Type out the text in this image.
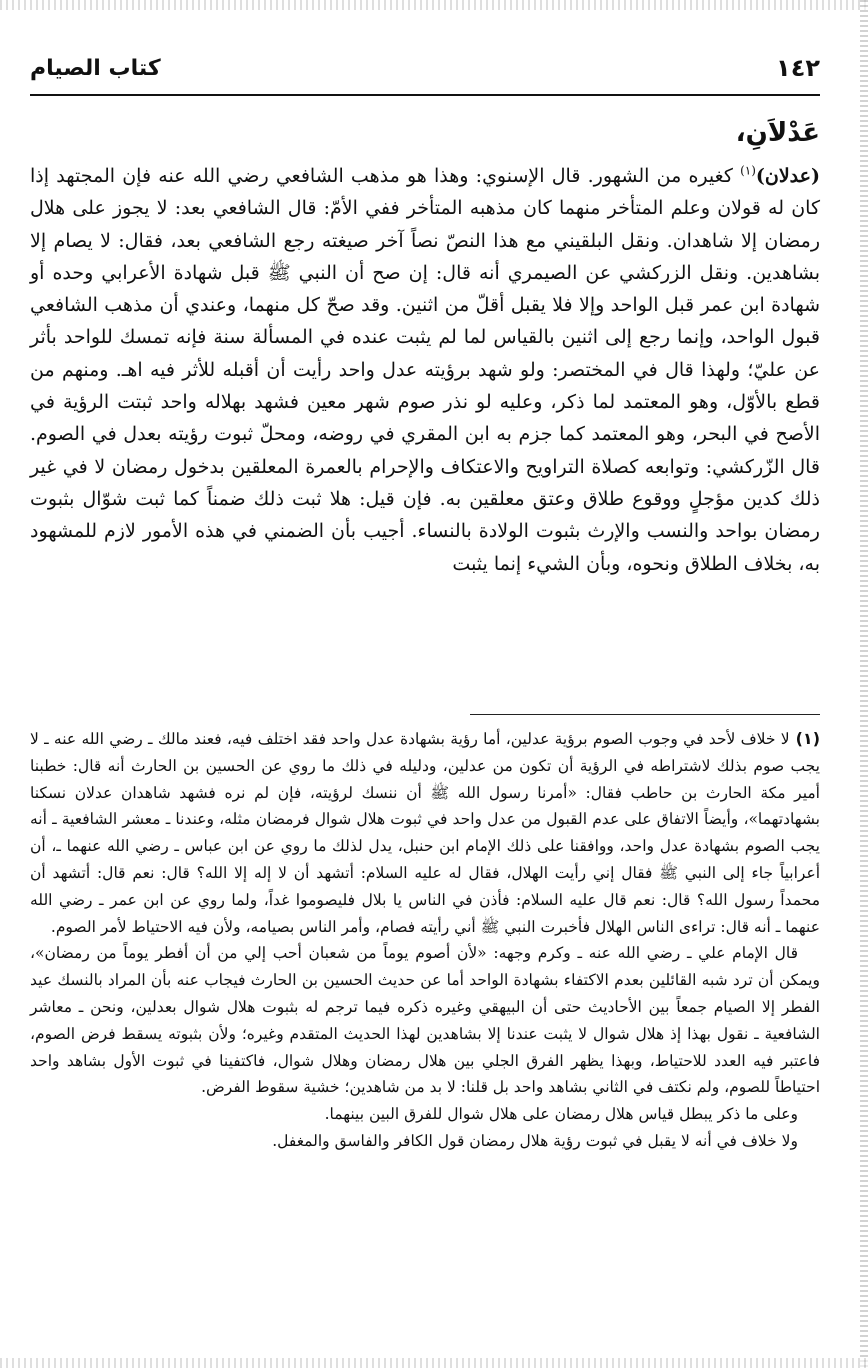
١٤٢
كتاب الصيام
عَدْلاَنِ،

(عدلان)$^{(١)}$ كغيره من الشهور. قال الإسنوي: وهذا هو مذهب الشافعي رضي الله عنه فإن المجتهد إذا كان له قولان وعلم المتأخر منهما كان مذهبه المتأخر ففي الأمّ: قال الشافعي بعد: لا يجوز على هلال رمضان إلا شاهدان. ونقل البلقيني مع هذا النصّ نصاً آخر صيغته رجع الشافعي بعد، فقال: لا يصام إلا بشاهدين. ونقل الزركشي عن الصيمري أنه قال: إن صح أن النبي ﷺ قبل شهادة الأعرابي وحده أو شهادة ابن عمر قبل الواحد وإلا فلا يقبل أقلّ من اثنين. وقد صحّ كل منهما، وعندي أن مذهب الشافعي قبول الواحد، وإنما رجع إلى اثنين بالقياس لما لم يثبت عنده في المسألة سنة فإنه تمسك للواحد بأثر عن عليّ؛ ولهذا قال في المختصر: ولو شهد برؤيته عدل واحد رأيت أن أقبله للأثر فيه اهـ. ومنهم من قطع بالأوّل، وهو المعتمد لما ذكر، وعليه لو نذر صوم شهر معين فشهد بهلاله واحد ثبتت الرؤية في الأصح في البحر، وهو المعتمد كما جزم به ابن المقري في روضه، ومحلّ ثبوت رؤيته بعدل في الصوم. قال الزّركشي: وتوابعه كصلاة التراويح والاعتكاف والإحرام بالعمرة المعلقين بدخول رمضان لا في غير ذلك كدين مؤجلٍ ووقوع طلاق وعتق معلقين به. فإن قيل: هلا ثبت ذلك ضمناً كما ثبت شوّال بثبوت رمضان بواحد والنسب والإرث بثبوت الولادة بالنساء. أجيب بأن الضمني في هذه الأمور لازم للمشهود به، بخلاف الطلاق ونحوه، وبأن الشيء إنما يثبت

(١)لا خلاف لأحد في وجوب الصوم برؤية عدلين، أما رؤية بشهادة عدل واحد فقد اختلف فيه، فعند مالك ـ رضي الله عنه ـ لا يجب صوم بذلك لاشتراطه في الرؤية أن تكون من عدلين، ودليله في ذلك ما روي عن الحسين بن الحارث أنه قال: خطبنا أمير مكة الحارث بن حاطب فقال: «أمرنا رسول الله ﷺ أن ننسك لرؤيته، فإن لم نره فشهد شاهدان عدلان نسكنا بشهادتهما»، وأيضاً الاتفاق على عدم القبول من عدل واحد في ثبوت هلال شوال فرمضان مثله، وعندنا ـ معشر الشافعية ـ أنه يجب الصوم بشهادة عدل واحد، ووافقنا على ذلك الإمام ابن حنبل، يدل لذلك ما روي عن ابن عباس ـ رضي الله عنهما ـ، أن أعرابياً جاء إلى النبي ﷺ فقال إني رأيت الهلال، فقال له عليه السلام: أتشهد أن لا إله إلا الله؟ قال: نعم قال: أتشهد أن محمداً رسول الله؟ قال: نعم قال عليه السلام: فأذن في الناس يا بلال فليصوموا غداً، ولما روي عن ابن عمر ـ رضي الله عنهما ـ أنه قال: تراءى الناس الهلال فأخبرت النبي ﷺ أني رأيته فصام، وأمر الناس بصيامه، ولأن فيه الاحتياط لأمر الصوم.

قال الإمام علي ـ رضي الله عنه ـ وكرم وجهه: «لأن أصوم يوماً من شعبان أحب إلي من أن أفطر يوماً من رمضان»، ويمكن أن ترد شبه القائلين بعدم الاكتفاء بشهادة الواحد أما عن حديث الحسين بن الحارث فيجاب عنه بأن المراد بالنسك عيد الفطر إلا الصيام جمعاً بين الأحاديث حتى أن البيهقي وغيره ذكره فيما ترجم له بثبوت هلال شوال بعدلين، ونحن ـ معاشر الشافعية ـ نقول بهذا إذ هلال شوال لا يثبت عندنا إلا بشاهدين لهذا الحديث المتقدم وغيره؛ ولأن بثبوته يسقط فرض الصوم، فاعتبر فيه العدد للاحتياط، وبهذا يظهر الفرق الجلي بين هلال رمضان وهلال شوال، فاكتفينا في ثبوت الأول بشاهد واحد احتياطاً للصوم، ولم نكتف في الثاني بشاهد واحد بل قلنا: لا بد من شاهدين؛ خشية سقوط الفرض.

وعلى ما ذكر يبطل قياس هلال رمضان على هلال شوال للفرق البين بينهما.

ولا خلاف في أنه لا يقبل في ثبوت رؤية هلال رمضان قول الكافر والفاسق والمغفل.
